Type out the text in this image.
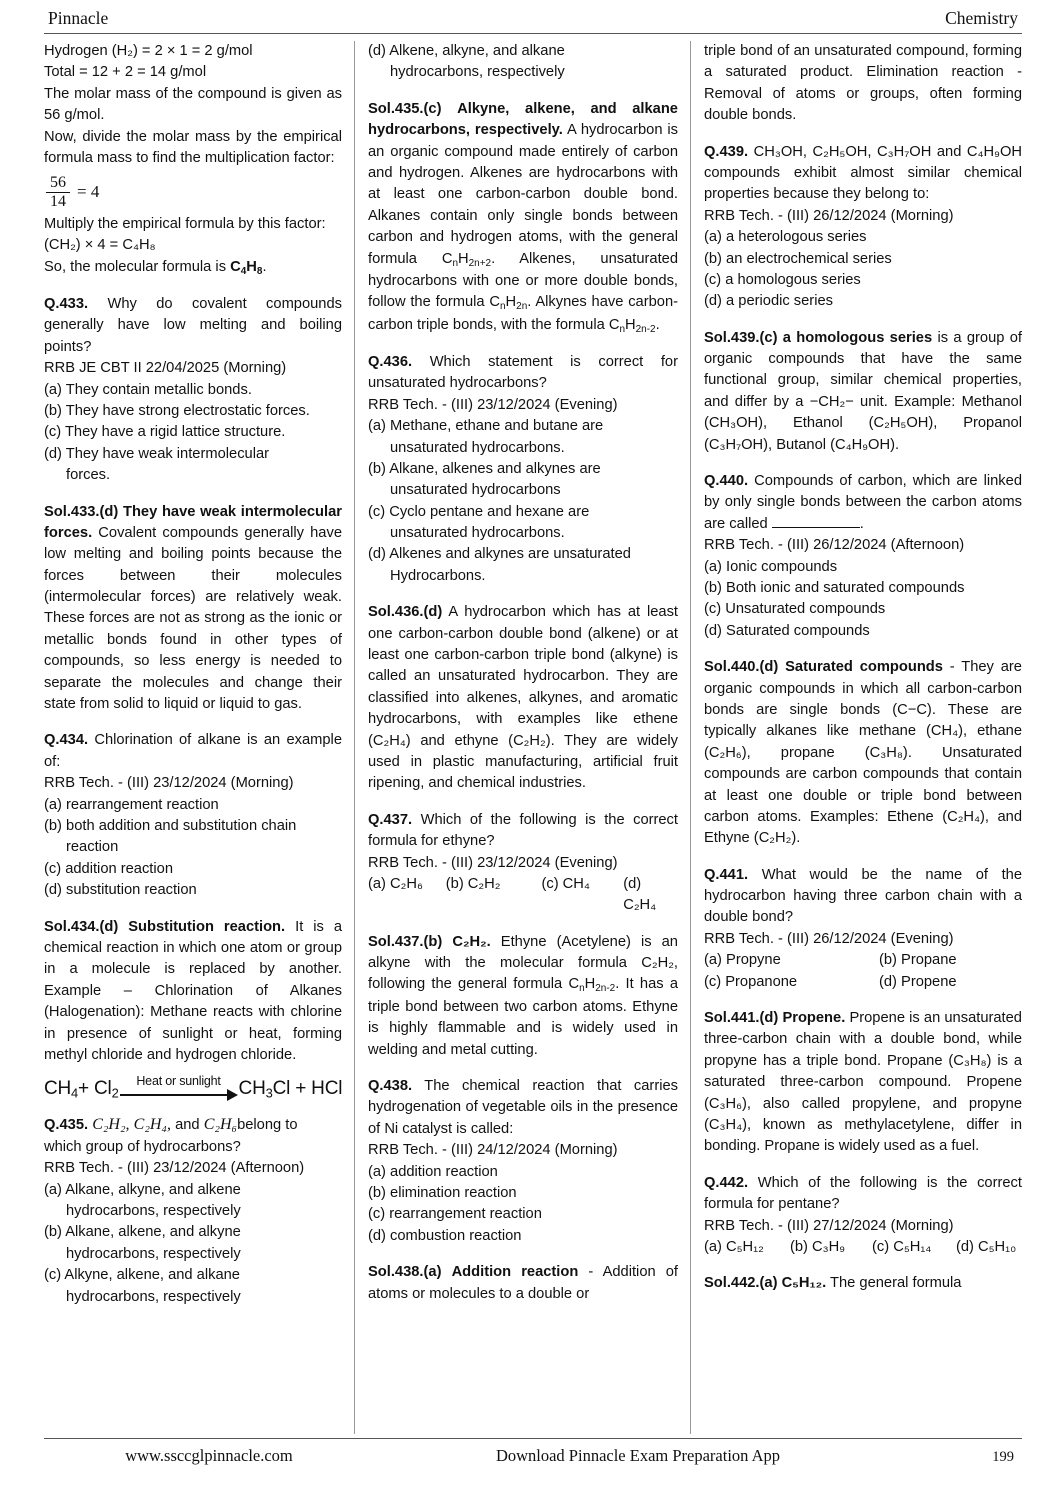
Pinnacle	Chemistry

Hydrogen (H₂) = 2 × 1 = 2 g/mol

Total = 12 + 2 = 14 g/mol

The molar mass of the compound is given as 56 g/mol.

Now, divide the molar mass by the empirical formula mass to find the multiplication factor:

$\frac{56}{14} = 4$

Multiply the empirical formula by this factor:

(CH₂) × 4 = C₄H₈

So, the molecular formula is $C_4H_8$.

Q.433. Why do covalent compounds generally have low melting and boiling points?

RRB JE CBT II 22/04/2025 (Morning)

(a) They contain metallic bonds.

(b) They have strong electrostatic forces.

(c) They have a rigid lattice structure.

(d) They have weak intermolecular

forces.

Sol.433.(d) They have weak intermolecular forces. Covalent compounds generally have low melting and boiling points because the forces between their molecules (intermolecular forces) are relatively weak. These forces are not as strong as the ionic or metallic bonds found in other types of compounds, so less energy is needed to separate the molecules and change their state from solid to liquid or liquid to gas.

Q.434. Chlorination of alkane is an example of:

RRB Tech. - (III) 23/12/2024 (Morning)

(a) rearrangement reaction

(b) both addition and substitution chain

reaction

(c) addition reaction

(d) substitution reaction

Sol.434.(d) Substitution reaction. It is a chemical reaction in which one atom or group in a molecule is replaced by another. Example – Chlorination of Alkanes (Halogenation): Methane reacts with chlorine in presence of sunlight or heat, forming methyl chloride and hydrogen chloride.

$CH_4+ Cl_2$
Heat or sunlight $CH_3Cl$ + HCl

Q.435. C₂H₂, C₂H₄, and C₂H₆belong to

which group of hydrocarbons?

RRB Tech. - (III) 23/12/2024 (Afternoon)

(a) Alkane, alkyne, and alkene

hydrocarbons, respectively

(b) Alkane, alkene, and alkyne

hydrocarbons, respectively

(c) Alkyne, alkene, and alkane

hydrocarbons, respectively

(d) Alkene, alkyne, and alkane

hydrocarbons, respectively

Sol.435.(c) Alkyne, alkene, and alkane hydrocarbons, respectively. A hydrocarbon is an organic compound made entirely of carbon and hydrogen. Alkenes are hydrocarbons with at least one carbon-carbon double bond. Alkanes contain only single bonds between carbon and hydrogen atoms, with the general formula $C_nH_{2n+2}$. Alkenes, unsaturated hydrocarbons with one or more double bonds, follow the formula $C_nH_{2n}$. Alkynes have carbon-carbon triple bonds, with the formula $C_nH_{2n-2}$.

Q.436. Which statement is correct for unsaturated hydrocarbons?

RRB Tech. - (III) 23/12/2024 (Evening)

(a) Methane, ethane and butane are

unsaturated hydrocarbons.

(b) Alkane, alkenes and alkynes are

unsaturated hydrocarbons

(c) Cyclo pentane and hexane are

unsaturated hydrocarbons.

(d) Alkenes and alkynes are unsaturated

Hydrocarbons.

Sol.436.(d) A hydrocarbon which has at least one carbon-carbon double bond (alkene) or at least one carbon-carbon triple bond (alkyne) is called an unsaturated hydrocarbon. They are classified into alkenes, alkynes, and aromatic hydrocarbons, with examples like ethene (C₂H₄) and ethyne (C₂H₂). They are widely used in plastic manufacturing, artificial fruit ripening, and chemical industries.

Q.437. Which of the following is the correct formula for ethyne?

RRB Tech. - (III) 23/12/2024 (Evening)

(a) C₂H₆	(b) C₂H₂	(c) CH₄	(d) C₂H₄

Sol.437.(b) C₂H₂. Ethyne (Acetylene) is an alkyne with the molecular formula C₂H₂, following the general formula $C_nH_{2n-2}$. It has a triple bond between two carbon atoms. Ethyne is highly flammable and is widely used in welding and metal cutting.

Q.438. The chemical reaction that carries hydrogenation of vegetable oils in the presence of Ni catalyst is called:

RRB Tech. - (III) 24/12/2024 (Morning)

(a) addition reaction

(b) elimination reaction

(c) rearrangement reaction

(d) combustion reaction

Sol.438.(a) Addition reaction - Addition of atoms or molecules to a double or

triple bond of an unsaturated compound, forming a saturated product. Elimination reaction - Removal of atoms or groups, often forming double bonds.

Q.439. CH₃OH, C₂H₅OH, C₃H₇OH and C₄H₉OH compounds exhibit almost similar chemical properties because they belong to:

RRB Tech. - (III) 26/12/2024 (Morning)

(a) a heterologous series

(b) an electrochemical series

(c) a homologous series

(d) a periodic series

Sol.439.(c) a homologous series is a group of organic compounds that have the same functional group, similar chemical properties, and differ by a −CH₂− unit. Example: Methanol (CH₃OH), Ethanol (C₂H₅OH), Propanol (C₃H₇OH), Butanol (C₄H₉OH).

Q.440. Compounds of carbon, which are linked by only single bonds between the carbon atoms are called	.

RRB Tech. - (III) 26/12/2024 (Afternoon)

(a) Ionic compounds

(b) Both ionic and saturated compounds

(c) Unsaturated compounds

(d) Saturated compounds

Sol.440.(d) Saturated compounds - They are organic compounds in which all carbon-carbon bonds are single bonds (C−C). These are typically alkanes like methane (CH₄), ethane (C₂H₆), propane (C₃H₈). Unsaturated compounds are carbon compounds that contain at least one double or triple bond between carbon atoms. Examples: Ethene (C₂H₄), and Ethyne (C₂H₂).

Q.441. What would be the name of the hydrocarbon having three carbon chain with a double bond?

RRB Tech. - (III) 26/12/2024 (Evening)

(a) Propyne	(b) Propane

(c) Propanone	(d) Propene

Sol.441.(d) Propene. Propene is an unsaturated three-carbon chain with a double bond, while propyne has a triple bond. Propane (C₃H₈) is a saturated three-carbon compound. Propene (C₃H₆), also called propylene, and propyne (C₃H₄), known as methylacetylene, differ in bonding. Propane is widely used as a fuel.

Q.442. Which of the following is the correct formula for pentane?

RRB Tech. - (III) 27/12/2024 (Morning)

(a) C₅H₁₂	(b) C₃H₉	(c) C₅H₁₄	(d) C₅H₁₀

Sol.442.(a) C₅H₁₂. The general formula

www.ssccglpinnacle.com	Download Pinnacle Exam Preparation App	199
